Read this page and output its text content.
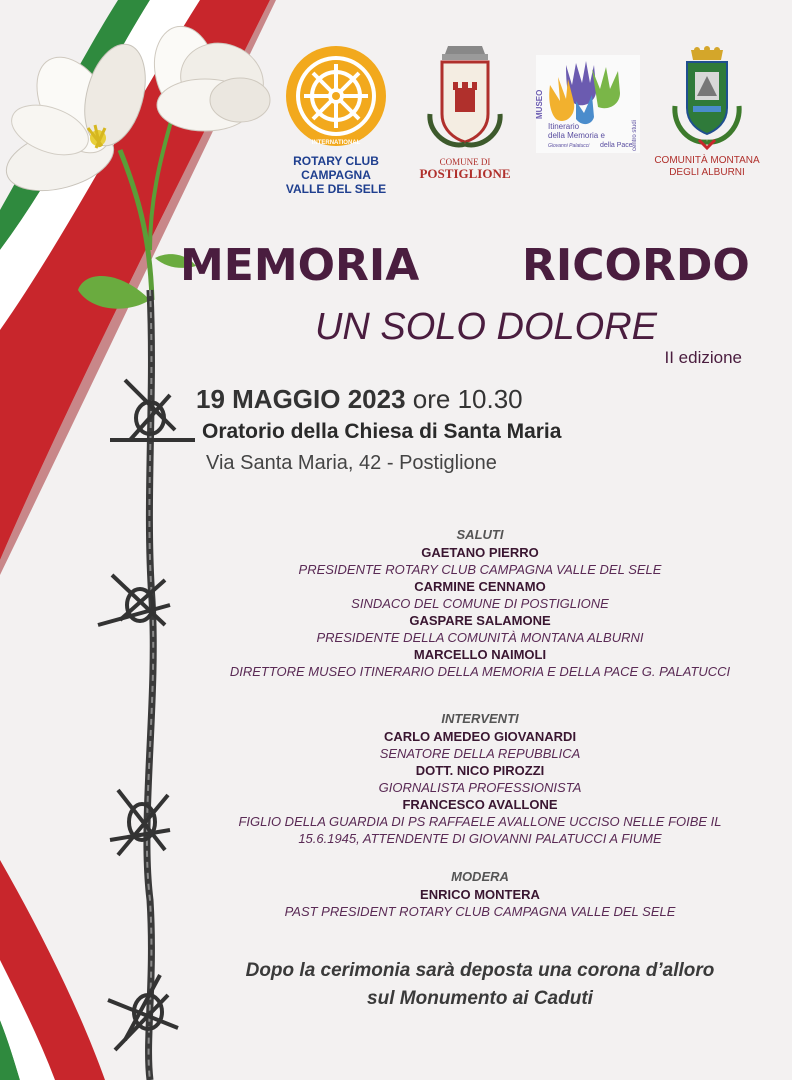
ROTARY
INTERNATIONAL
ROTARY CLUB
CAMPAGNA
VALLE DEL SELE
COMUNE DI
POSTIGLIONE
MUSEO
centro studi
Itinerario
della Memoria e
Giovanni Palatucci della Pace
COMUNITÀ MONTANA
DEGLI ALBURNI
MEMORIA RICORDO
UN SOLO DOLORE
II edizione
19 MAGGIO 2023 ore 10.30
Oratorio della Chiesa di Santa Maria
Via Santa Maria, 42 - Postiglione
SALUTI
GAETANO PIERRO
PRESIDENTE ROTARY CLUB CAMPAGNA VALLE DEL SELE
CARMINE CENNAMO
SINDACO DEL COMUNE DI POSTIGLIONE
GASPARE SALAMONE
PRESIDENTE DELLA COMUNITÀ MONTANA ALBURNI
MARCELLO NAIMOLI
DIRETTORE MUSEO ITINERARIO DELLA MEMORIA E DELLA PACE G. PALATUCCI
INTERVENTI
CARLO AMEDEO GIOVANARDI
SENATORE DELLA REPUBBLICA
DOTT. NICO PIROZZI
GIORNALISTA PROFESSIONISTA
FRANCESCO AVALLONE
FIGLIO DELLA GUARDIA DI PS RAFFAELE AVALLONE UCCISO NELLE FOIBE IL
15.6.1945, ATTENDENTE DI GIOVANNI PALATUCCI A FIUME
MODERA
ENRICO MONTERA
PAST PRESIDENT ROTARY CLUB CAMPAGNA VALLE DEL SELE
Dopo la cerimonia sarà deposta una corona d’alloro
sul Monumento ai Caduti
